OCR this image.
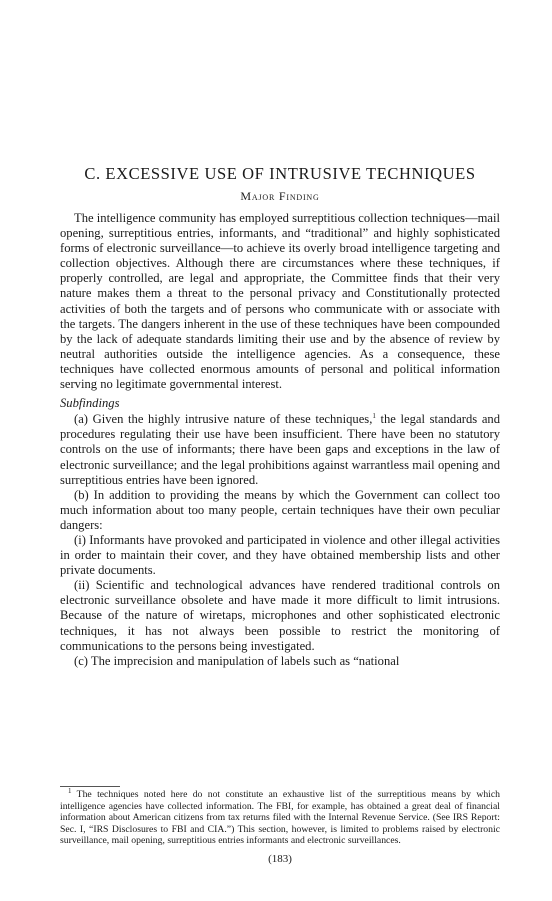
C. EXCESSIVE USE OF INTRUSIVE TECHNIQUES
Major Finding

The intelligence community has employed surreptitious collection techniques—mail opening, surreptitious entries, informants, and “traditional” and highly sophisticated forms of electronic surveillance—to achieve its overly broad intelligence targeting and collection objectives. Although there are circumstances where these techniques, if properly controlled, are legal and appropriate, the Committee finds that their very nature makes them a threat to the personal privacy and Constitutionally protected activities of both the targets and of persons who communicate with or associate with the targets. The dangers inherent in the use of these techniques have been compounded by the lack of adequate standards limiting their use and by the absence of review by neutral authorities outside the intelligence agencies. As a consequence, these techniques have collected enormous amounts of personal and political information serving no legitimate governmental interest.

Subfindings

(a) Given the highly intrusive nature of these techniques,$^1$ the legal standards and procedures regulating their use have been insufficient. There have been no statutory controls on the use of informants; there have been gaps and exceptions in the law of electronic surveillance; and the legal prohibitions against warrantless mail opening and surreptitious entries have been ignored.

(b) In addition to providing the means by which the Government can collect too much information about too many people, certain techniques have their own peculiar dangers:

(i) Informants have provoked and participated in violence and other illegal activities in order to maintain their cover, and they have obtained membership lists and other private documents.

(ii) Scientific and technological advances have rendered traditional controls on electronic surveillance obsolete and have made it more difficult to limit intrusions. Because of the nature of wiretaps, microphones and other sophisticated electronic techniques, it has not always been possible to restrict the monitoring of communications to the persons being investigated.

(c) The imprecision and manipulation of labels such as “national

$^1$ The techniques noted here do not constitute an exhaustive list of the surreptitious means by which intelligence agencies have collected information. The FBI, for example, has obtained a great deal of financial information about American citizens from tax returns filed with the Internal Revenue Service. (See IRS Report: Sec. I, “IRS Disclosures to FBI and CIA.”) This section, however, is limited to problems raised by electronic surveillance, mail opening, surreptitious entries informants and electronic surveillances.

(183)
